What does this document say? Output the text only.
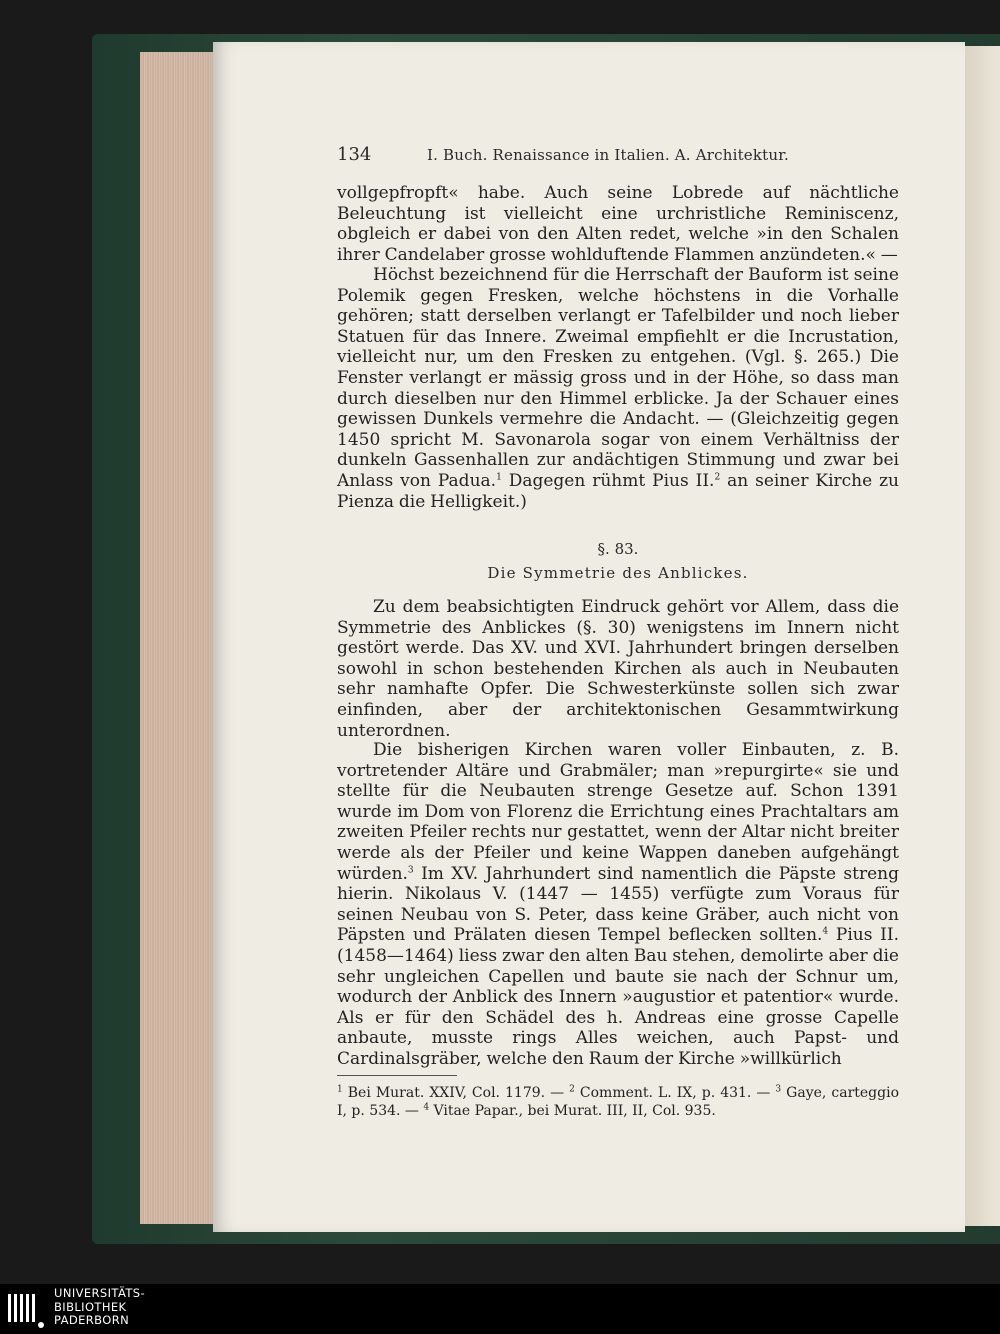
134	I. Buch. Renaissance in Italien. A. Architektur.

vollgepfropft« habe. Auch seine Lobrede auf nächtliche Beleuchtung ist vielleicht eine urchristliche Reminiscenz, obgleich er dabei von den Alten redet, welche »in den Schalen ihrer Candelaber grosse wohlduftende Flammen anzündeten.« —

Höchst bezeichnend für die Herrschaft der Bauform ist seine Polemik gegen Fresken, welche höchstens in die Vorhalle gehören; statt derselben verlangt er Tafelbilder und noch lieber Statuen für das Innere. Zweimal empfiehlt er die Incrustation, vielleicht nur, um den Fresken zu entgehen. (Vgl. §. 265.) Die Fenster verlangt er mässig gross und in der Höhe, so dass man durch dieselben nur den Himmel erblicke. Ja der Schauer eines gewissen Dunkels vermehre die Andacht. — (Gleichzeitig gegen 1450 spricht M. Savonarola sogar von einem Verhältniss der dunkeln Gassenhallen zur andächtigen Stimmung und zwar bei Anlass von Padua.$^1$ Dagegen rühmt Pius II.$^2$ an seiner Kirche zu Pienza die Helligkeit.)

§. 83.
Die Symmetrie des Anblickes.

Zu dem beabsichtigten Eindruck gehört vor Allem, dass die Symmetrie des Anblickes (§. 30) wenigstens im Innern nicht gestört werde. Das XV. und XVI. Jahrhundert bringen derselben sowohl in schon bestehenden Kirchen als auch in Neubauten sehr namhafte Opfer. Die Schwesterkünste sollen sich zwar einfinden, aber der architektonischen Gesammtwirkung unterordnen.

Die bisherigen Kirchen waren voller Einbauten, z. B. vortretender Altäre und Grabmäler; man »repurgirte« sie und stellte für die Neubauten strenge Gesetze auf. Schon 1391 wurde im Dom von Florenz die Errichtung eines Prachtaltars am zweiten Pfeiler rechts nur gestattet, wenn der Altar nicht breiter werde als der Pfeiler und keine Wappen daneben aufgehängt würden.$^3$ Im XV. Jahrhundert sind namentlich die Päpste streng hierin. Nikolaus V. (1447 — 1455) verfügte zum Voraus für seinen Neubau von S. Peter, dass keine Gräber, auch nicht von Päpsten und Prälaten diesen Tempel beflecken sollten.$^4$ Pius II. (1458—1464) liess zwar den alten Bau stehen, demolirte aber die sehr ungleichen Capellen und baute sie nach der Schnur um, wodurch der Anblick des Innern »augustior et patentior« wurde. Als er für den Schädel des h. Andreas eine grosse Capelle anbaute, musste rings Alles weichen, auch Papst- und Cardinalsgräber, welche den Raum der Kirche »willkürlich

$^1$ Bei Murat. XXIV, Col. 1179. — $^2$ Comment. L. IX, p. 431. — $^3$ Gaye, carteggio I, p. 534. — $^4$ Vitae Papar., bei Murat. III, II, Col. 935.

UNIVERSITÄTS-
BIBLIOTHEK
PADERBORN
